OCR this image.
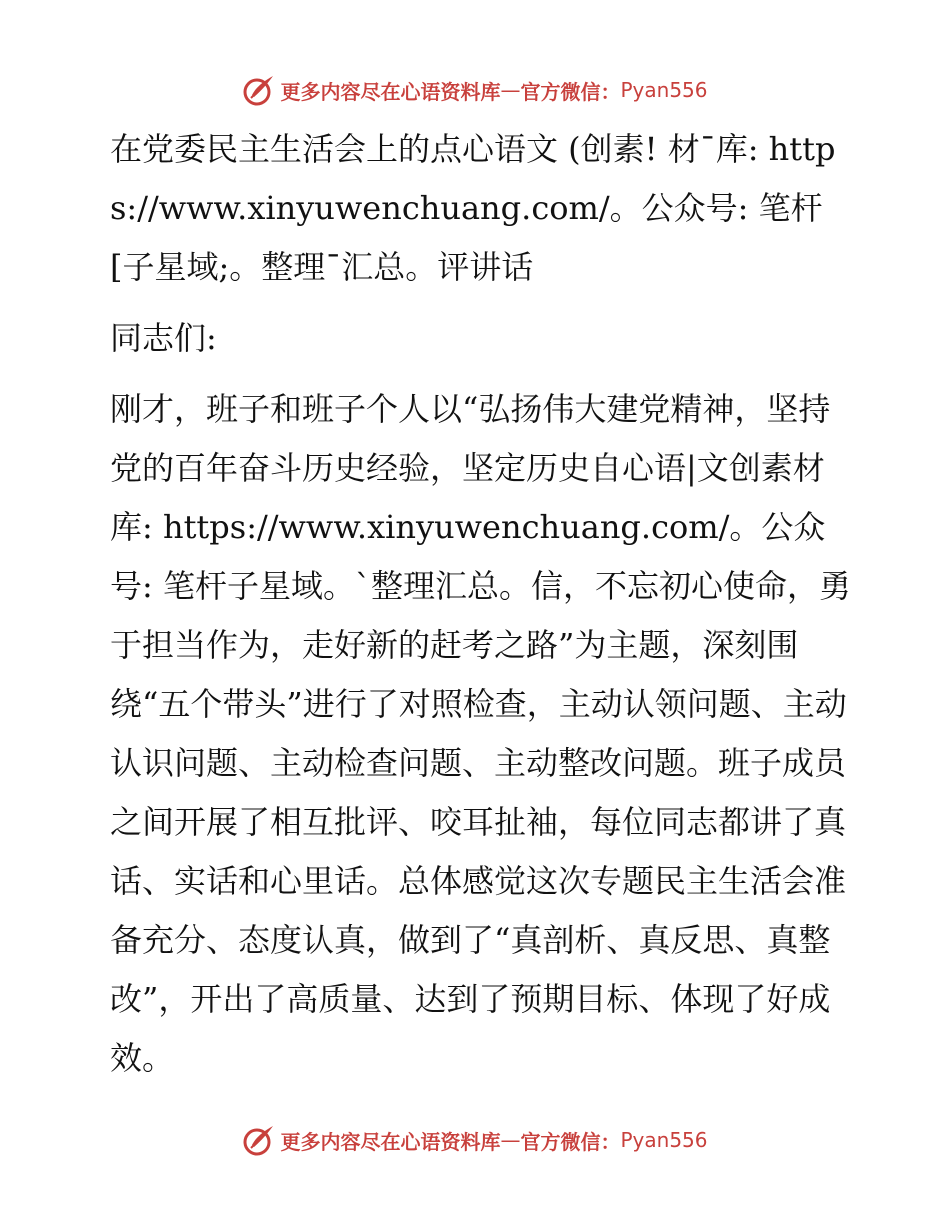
更多内容尽在心语资料库 — 官方微信： Pyan556

在党委民主生活会上的点心语文 (创素! 材¯库: https://www.xinyuwenchuang.com/。公众号: 笔杆[子星域;。整理¯汇总。评讲话

同志们:

刚才，班子和班子个人以“弘扬伟大建党精神，坚持党的百年奋斗历史经验，坚定历史自心语|文创素材库: https://www.xinyuwenchuang.com/。公众号: 笔杆子星域。`整理汇总。信，不忘初心使命，勇于担当作为，走好新的赶考之路”为主题，深刻围绕“五个带头”进行了对照检查，主动认领问题、主动认识问题、主动检查问题、主动整改问题。班子成员之间开展了相互批评、咬耳扯袖，每位同志都讲了真话、实话和心里话。总体感觉这次专题民主生活会准备充分、态度认真，做到了“真剖析、真反思、真整改”，开出了高质量、达到了预期目标、体现了好成效。

更多内容尽在心语资料库 — 官方微信： Pyan556
